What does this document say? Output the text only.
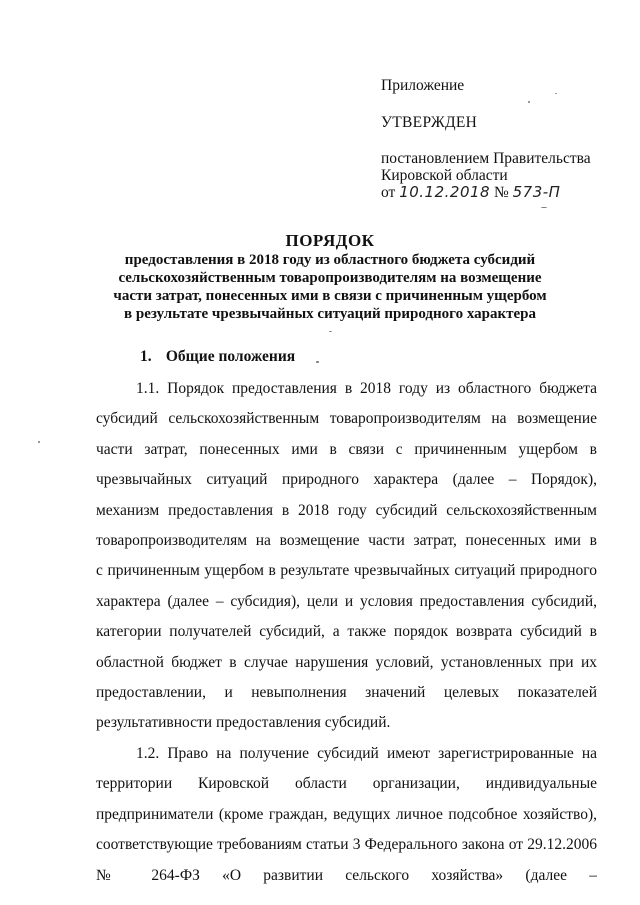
Приложение
УТВЕРЖДЕН
постановлением Правительства
Кировской области
от 10.12.2018 № 573-П
ПОРЯДОК
предоставления в 2018 году из областного бюджета субсидий
сельскохозяйственным товаропроизводителям на возмещение
части затрат, понесенных ими в связи с причиненным ущербом
в результате чрезвычайных ситуаций природного характера
1. Общие положения
1.1. Порядок предоставления в 2018 году из областного бюджета
субсидий сельскохозяйственным товаропроизводителям на возмещение
части затрат, понесенных ими в связи с причиненным ущербом в
чрезвычайных ситуаций природного характера (далее – Порядок),
механизм предоставления в 2018 году субсидий сельскохозяйственным
товаропроизводителям на возмещение части затрат, понесенных ими в
с причиненным ущербом в результате чрезвычайных ситуаций природного
характера (далее – субсидия), цели и условия предоставления субсидий,
категории получателей субсидий, а также порядок возврата субсидий в
областной бюджет в случае нарушения условий, установленных при их
предоставлении, и невыполнения значений целевых показателей
результативности предоставления субсидий.
1.2. Право на получение субсидий имеют зарегистрированные на
территории Кировской области организации, индивидуальные
предприниматели (кроме граждан, ведущих личное подсобное хозяйство),
соответствующие требованиям статьи 3 Федерального закона от 29.12.2006
№ 264-ФЗ «О развитии сельского хозяйства» (далее –
